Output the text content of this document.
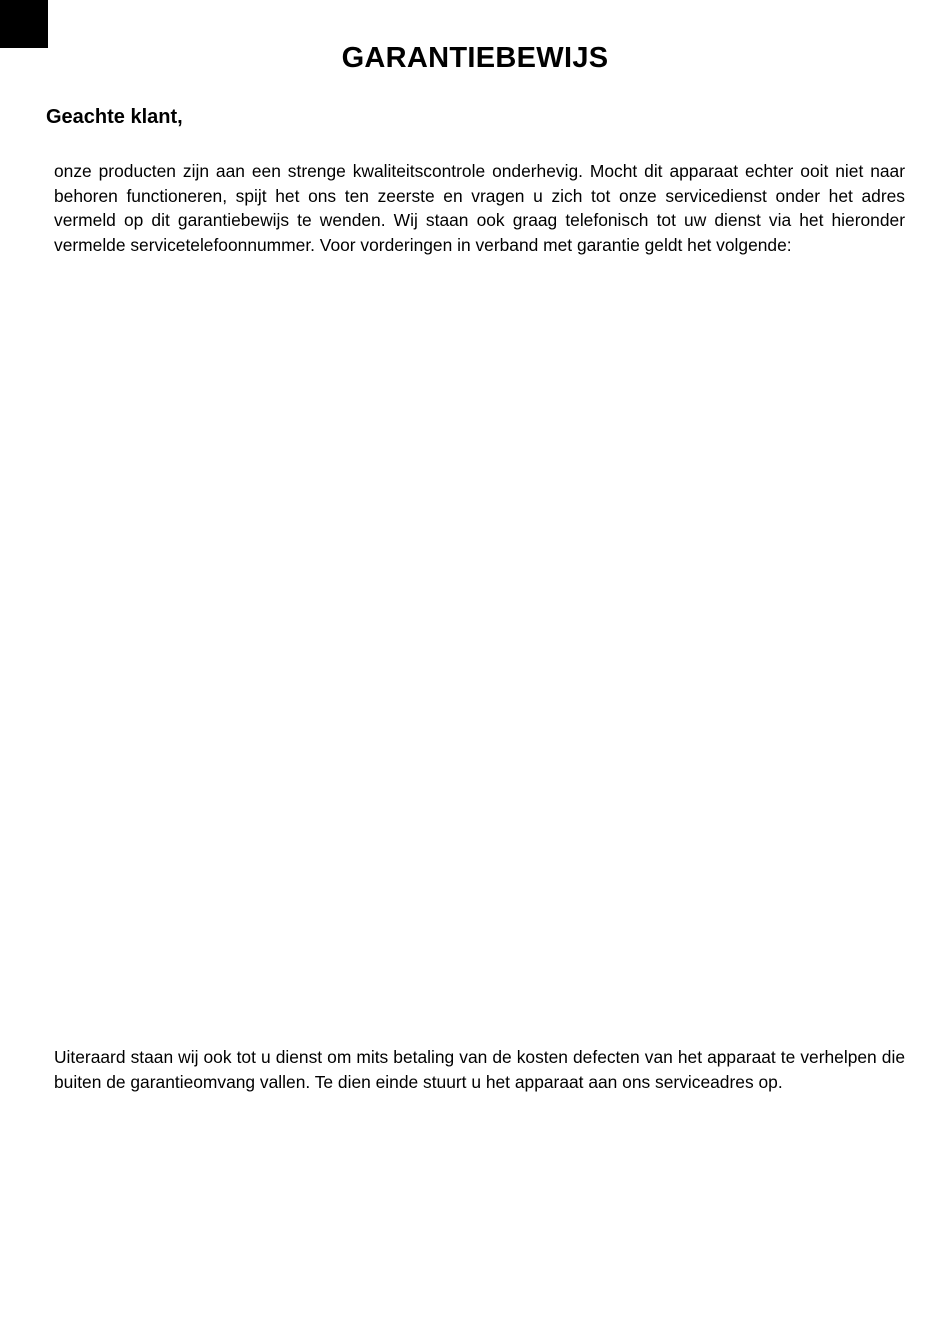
GARANTIEBEWIJS

Geachte klant,

onze producten zijn aan een strenge kwaliteitscontrole onderhevig. Mocht dit apparaat echter ooit niet naar behoren functioneren, spijt het ons ten zeerste en vragen u zich tot onze servicedienst onder het adres vermeld op dit garantiebewijs te wenden. Wij staan ook graag telefonisch tot uw dienst via het hieronder vermelde servicetelefoonnummer. Voor vorderingen in verband met garantie geldt het volgende:

Uiteraard staan wij ook tot u dienst om mits betaling van de kosten defecten van het apparaat te verhelpen die buiten de garantieomvang vallen. Te dien einde stuurt u het apparaat aan ons serviceadres op.
